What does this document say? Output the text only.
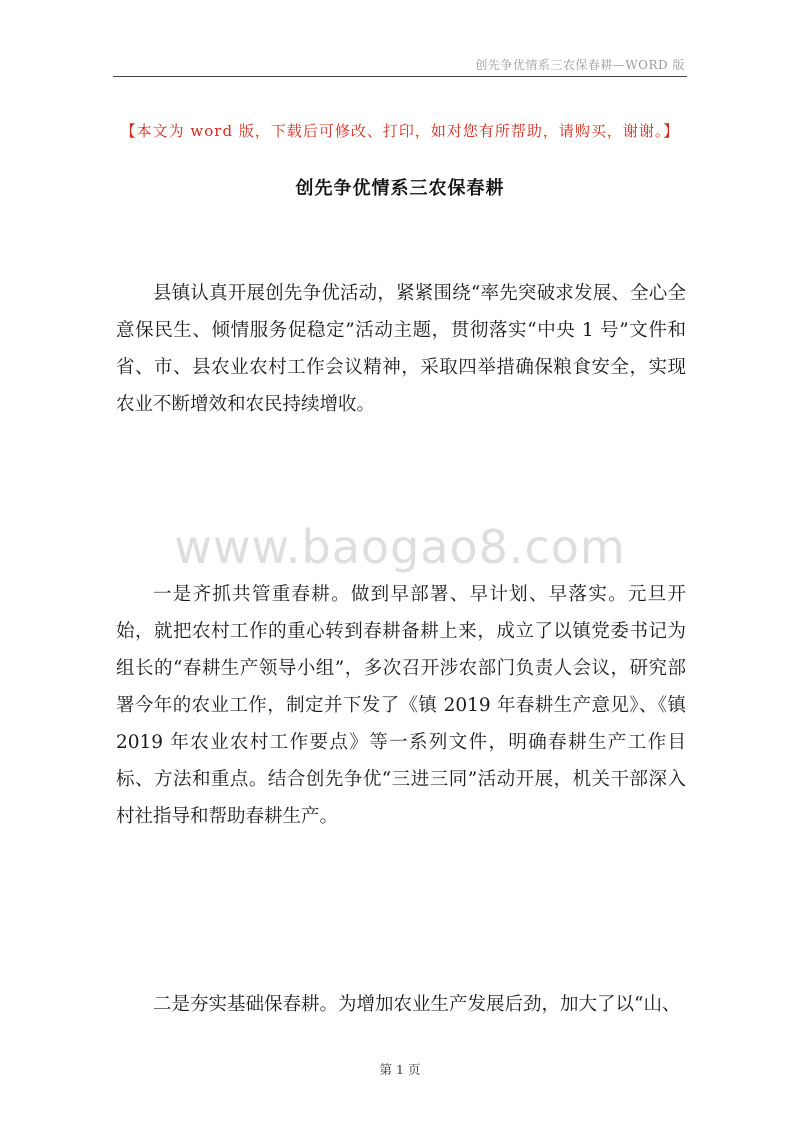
创先争优情系三农保春耕—WORD 版
【本文为 word 版，下载后可修改、打印，如对您有所帮助，请购买，谢谢。】
创先争优情系三农保春耕

县镇认真开展创先争优活动，紧紧围绕“率先突破求发展、全心全意保民生、倾情服务促稳定”活动主题，贯彻落实“中央 1 号”文件和省、市、县农业农村工作会议精神，采取四举措确保粮食安全，实现农业不断增效和农民持续增收。

www.baogao8.com

一是齐抓共管重春耕。做到早部署、早计划、早落实。元旦开始，就把农村工作的重心转到春耕备耕上来，成立了以镇党委书记为组长的“春耕生产领导小组”，多次召开涉农部门负责人会议，研究部署今年的农业工作，制定并下发了《镇 2019 年春耕生产意见》、《镇 2019 年农业农村工作要点》等一系列文件，明确春耕生产工作目标、方法和重点。结合创先争优“三进三同”活动开展，机关干部深入村社指导和帮助春耕生产。

二是夯实基础保春耕。为增加农业生产发展后劲，加大了以“山、

第 1 页
